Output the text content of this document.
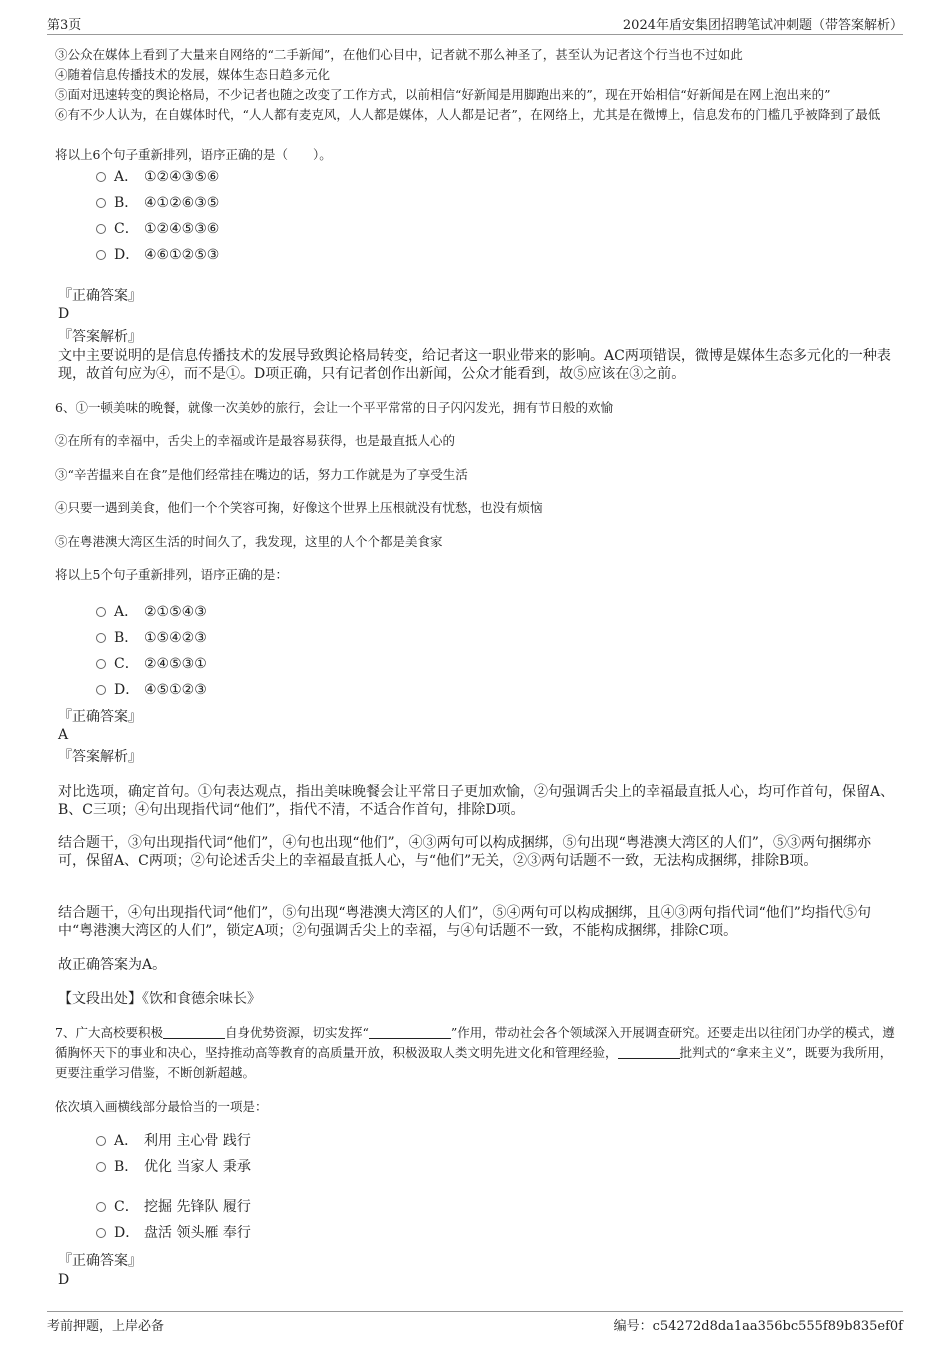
第3页	2024年盾安集团招聘笔试冲刺题（带答案解析）
③公众在媒体上看到了大量来自网络的“二手新闻”，在他们心目中，记者就不那么神圣了，甚至认为记者这个行当也不过如此
④随着信息传播技术的发展，媒体生态日趋多元化
⑤面对迅速转变的舆论格局，不少记者也随之改变了工作方式，以前相信“好新闻是用脚跑出来的”，现在开始相信“好新闻是在网上泡出来的”
⑥有不少人认为，在自媒体时代，“人人都有麦克风，人人都是媒体，人人都是记者”，在网络上，尤其是在微博上，信息发布的门槛几乎被降到了最低
将以上6个句子重新排列，语序正确的是（　　）。
A． ①②④③⑤⑥
B． ④①②⑥③⑤
C． ①②④⑤③⑥
D． ④⑥①②⑤③
『正确答案』
D
『答案解析』
文中主要说明的是信息传播技术的发展导致舆论格局转变，给记者这一职业带来的影响。AC两项错误，微博是媒体生态多元化的一种表现，故首句应为④，而不是①。D项正确，只有记者创作出新闻，公众才能看到，故⑤应该在③之前。
6、①一顿美味的晚餐，就像一次美妙的旅行，会让一个平平常常的日子闪闪发光，拥有节日般的欢愉
②在所有的幸福中，舌尖上的幸福或许是最容易获得，也是最直抵人心的
③“辛苦揾来自在食”是他们经常挂在嘴边的话，努力工作就是为了享受生活
④只要一遇到美食，他们一个个笑容可掬，好像这个世界上压根就没有忧愁，也没有烦恼
⑤在粤港澳大湾区生活的时间久了，我发现，这里的人个个都是美食家
将以上5个句子重新排列，语序正确的是：
A． ②①⑤④③
B． ①⑤④②③
C． ②④⑤③①
D． ④⑤①②③
『正确答案』
A
『答案解析』
对比选项，确定首句。①句表达观点，指出美味晚餐会让平常日子更加欢愉，②句强调舌尖上的幸福最直抵人心，均可作首句，保留A、B、C三项；④句出现指代词“他们”，指代不清，不适合作首句，排除D项。
结合题干，③句出现指代词“他们”，④句也出现“他们”，④③两句可以构成捆绑，⑤句出现“粤港澳大湾区的人们”，⑤③两句捆绑亦可，保留A、C两项；②句论述舌尖上的幸福最直抵人心，与“他们”无关，②③两句话题不一致，无法构成捆绑，排除B项。
结合题干，④句出现指代词“他们”，⑤句出现“粤港澳大湾区的人们”，⑤④两句可以构成捆绑，且④③两句指代词“他们”均指代⑤句中“粤港澳大湾区的人们”，锁定A项；②句强调舌尖上的幸福，与④句话题不一致，不能构成捆绑，排除C项。
故正确答案为A。
【文段出处】《饮和食德余味长》
7、广大高校要积极	自身优势资源，切实发挥“	”作用，带动社会各个领域深入开展调查研究。还要走出以往闭门办学的模式，遵循胸怀天下的事业和决心，坚持推动高等教育的高质量开放，积极汲取人类文明先进文化和管理经验，	批判式的“拿来主义”，既要为我所用，更要注重学习借鉴，不断创新超越。
依次填入画横线部分最恰当的一项是：
A． 利用 主心骨 践行
B． 优化 当家人 秉承
C． 挖掘 先锋队 履行
D． 盘活 领头雁 奉行
『正确答案』
D
考前押题，上岸必备	编号：c54272d8da1aa356bc555f89b835ef0f
